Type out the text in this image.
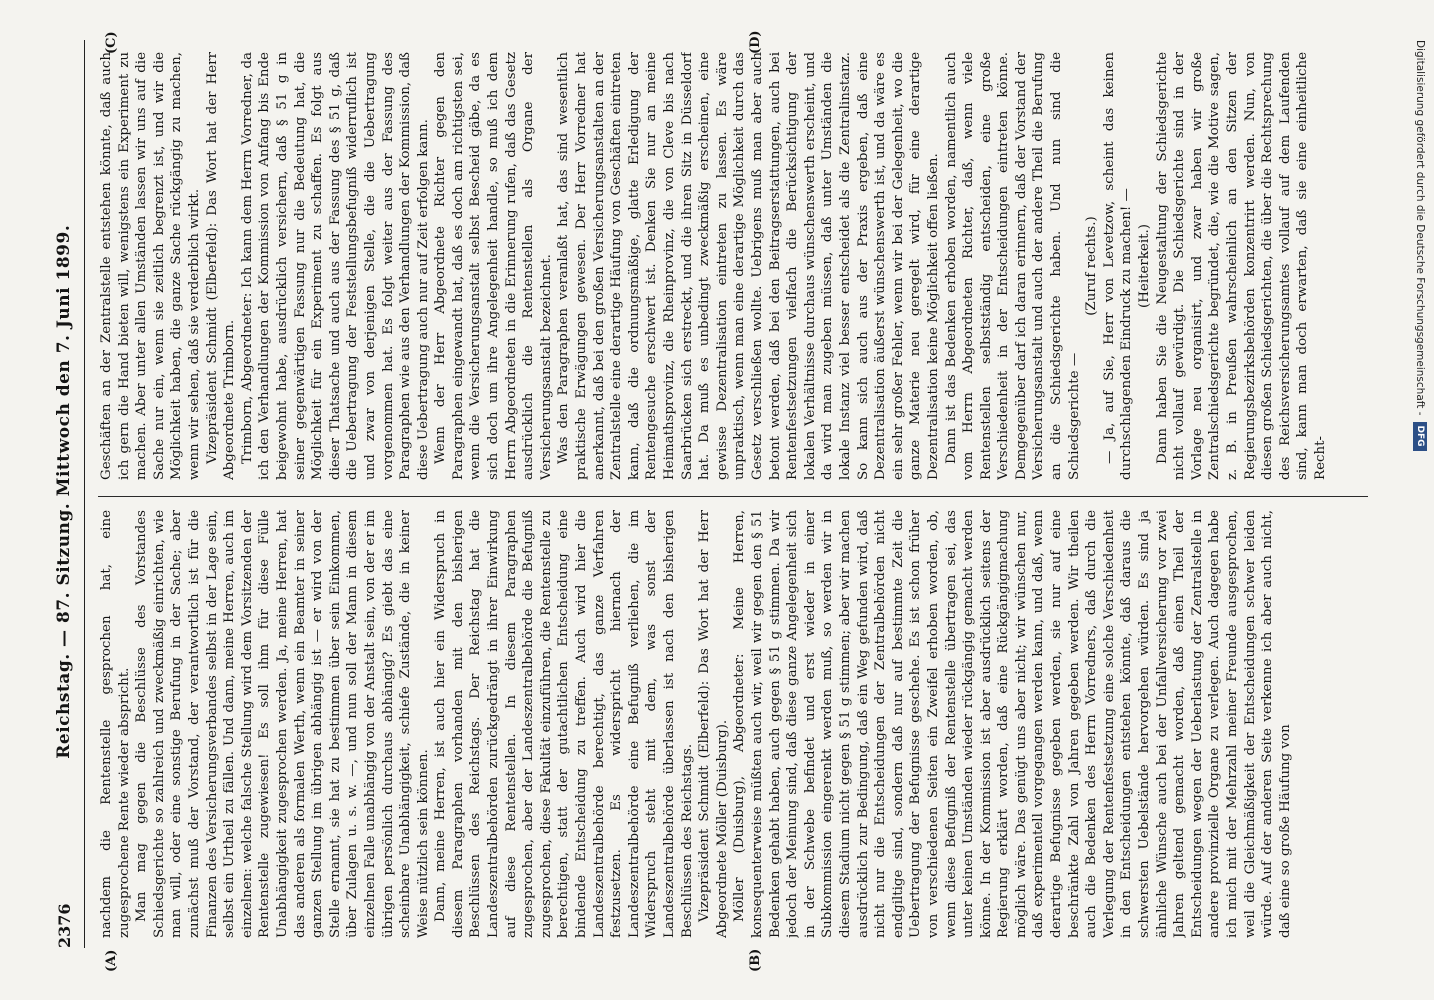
2376
Reichstag. — 87. Sitzung. Mittwoch den 7. Juni 1899.
(A)	(B)
(C)	(D)

nachdem die Rentenstelle gesprochen hat, eine zugesprochene Rente wieder abspricht. Man mag gegen die Beschlüsse des Vorstandes Schiedsgerichte so zahlreich und zweckmäßig einrichten, wie man will, oder eine sonstige Berufung in der Sache; aber zunächst muß der Vorstand, der verantwortlich ist für die Finanzen des Versicherungsverbandes selbst in der Lage sein, selbst ein Urtheil zu fällen. Und dann, meine Herren, auch im einzelnen: welche falsche Stellung wird dem Vorsitzenden der Rentenstelle zugewiesen! Es soll ihm für diese Fülle Unabhängigkeit zugesprochen werden. Ja, meine Herren, hat das anderen als formalen Werth, wenn ein Beamter in seiner ganzen Stellung im übrigen abhängig ist — er wird von der Stelle ernannt, sie hat zu bestimmen über sein Einkommen, über Zulagen u. s. w. —, und nun soll der Mann in diesem einzelnen Falle unabhängig von der Anstalt sein, von der er im übrigen persönlich durchaus abhängig? Es giebt das eine scheinbare Unabhängigkeit, schiefe Zustände, die in keiner Weise nützlich sein können. Dann, meine Herren, ist auch hier ein Widerspruch in diesem Paragraphen vorhanden mit den bisherigen Beschlüssen des Reichstags. Der Reichstag hat die Landeszentralbehörden zurückgedrängt in ihrer Einwirkung auf diese Rentenstellen. In diesem Paragraphen zugesprochen, aber der Landeszentralbehörde die Befugniß zugesprochen, diese Fakultät einzuführen, die Rentenstelle zu berechtigen, statt der gutachtlichen Entscheidung eine bindende Entscheidung zu treffen. Auch wird hier die Landeszentralbehörde berechtigt, das ganze Verfahren festzusetzen. Es widerspricht hiernach der Landeszentralbehörde eine Befugniß verliehen, die im Widerspruch steht mit dem, was sonst der Landeszentralbehörde überlassen ist nach den bisherigen Beschlüssen des Reichstags. Vizepräsident Schmidt (Elberfeld): Das Wort hat der Herr Abgeordnete Möller (Duisburg). Möller (Duisburg), Abgeordneter: Meine Herren, konsequenterweise müßten auch wir, weil wir gegen den § 51 Bedenken gehabt haben, auch gegen § 51 g stimmen. Da wir jedoch der Meinung sind, daß diese ganze Angelegenheit sich in der Schwebe befindet und erst wieder in einer Subkommission eingerenkt werden muß, so werden wir in diesem Stadium nicht gegen § 51 g stimmen; aber wir machen ausdrücklich zur Bedingung, daß ein Weg gefunden wird, daß nicht nur die Entscheidungen der Zentralbehörden nicht endgiltige sind, sondern daß nur auf bestimmte Zeit die Uebertragung der Befugnisse geschehe. Es ist schon früher von verschiedenen Seiten ein Zweifel erhoben worden, ob, wenn diese Befugniß der Rentenstelle übertragen sei, das unter keinen Umständen wieder rückgängig gemacht werden könne. In der Kommission ist aber ausdrücklich seitens der Regierung erklärt worden, daß eine Rückgängigmachung möglich wäre. Das genügt uns aber nicht; wir wünschen nur, daß experimentell vorgegangen werden kann, und daß, wenn derartige Befugnisse gegeben werden, sie nur auf eine beschränkte Zahl von Jahren gegeben werden. Wir theilen auch die Bedenken des Herrn Vorredners, daß durch die Verlegung der Rentenfestsetzung eine solche Verschiedenheit in den Entscheidungen entstehen könnte, daß daraus die schwersten Uebelstände hervorgehen würden. Es sind ja ähnliche Wünsche auch bei der Unfallversicherung vor zwei Jahren geltend gemacht worden, daß einen Theil der Entscheidungen wegen der Ueberlastung der Zentralstelle in andere provinzielle Organe zu verlegen. Auch dagegen habe ich mich mit der Mehrzahl meiner Freunde ausgesprochen, weil die Gleichmäßigkeit der Entscheidungen schwer leiden würde. Auf der anderen Seite verkenne ich aber auch nicht, daß eine so große Häufung von

Geschäften an der Zentralstelle entstehen könnte, daß auch ich gern die Hand bieten will, wenigstens ein Experiment zu machen. Aber unter allen Umständen lassen wir uns auf die Sache nur ein, wenn sie zeitlich begrenzt ist, und wir die Möglichkeit haben, die ganze Sache rückgängig zu machen, wenn wir sehen, daß sie verderblich wirkt. Vizepräsident Schmidt (Elberfeld): Das Wort hat der Herr Abgeordnete Trimborn. Trimborn, Abgeordneter: Ich kann dem Herrn Vorredner, da ich den Verhandlungen der Kommission von Anfang bis Ende beigewohnt habe, ausdrücklich versichern, daß § 51 g in seiner gegenwärtigen Fassung nur die Bedeutung hat, die Möglichkeit für ein Experiment zu schaffen. Es folgt aus dieser Thatsache und auch aus der Fassung des § 51 g, daß die Uebertragung der Feststellungsbefugniß widerruflich ist und zwar von derjenigen Stelle, die die Uebertragung vorgenommen hat. Es folgt weiter aus der Fassung des Paragraphen wie aus den Verhandlungen der Kommission, daß diese Uebertragung auch nur auf Zeit erfolgen kann. Wenn der Herr Abgeordnete Richter gegen den Paragraphen eingewandt hat, daß es doch am richtigsten sei, wenn die Versicherungsanstalt selbst Bescheid gäbe, da es sich doch um ihre Angelegenheit handle, so muß ich dem Herrn Abgeordneten in die Erinnerung rufen, daß das Gesetz ausdrücklich die Rentenstellen als Organe der Versicherungsanstalt bezeichnet. Was den Paragraphen veranlaßt hat, das sind wesentlich praktische Erwägungen gewesen. Der Herr Vorredner hat anerkannt, daß bei den großen Versicherungsanstalten an der Zentralstelle eine derartige Häufung von Geschäften eintreten kann, daß die ordnungsmäßige, glatte Erledigung der Rentengesuche erschwert ist. Denken Sie nur an meine Heimathsprovinz, die Rheinprovinz, die von Cleve bis nach Saarbrücken sich erstreckt, und die ihren Sitz in Düsseldorf hat. Da muß es unbedingt zweckmäßig erscheinen, eine gewisse Dezentralisation eintreten zu lassen. Es wäre unpraktisch, wenn man eine derartige Möglichkeit durch das Gesetz verschließen wollte. Uebrigens muß man aber auch betont werden, daß bei den Beitragserstattungen, auch bei Rentenfestsetzungen vielfach die Berücksichtigung der lokalen Verhältnisse durchaus wünschenswerth erscheint, und da wird man zugeben müssen, daß unter Umständen die lokale Instanz viel besser entscheidet als die Zentralinstanz. So kann sich auch aus der Praxis ergeben, daß eine Dezentralisation äußerst wünschenswerth ist, und da wäre es ein sehr großer Fehler, wenn wir bei der Gelegenheit, wo die ganze Materie neu geregelt wird, für eine derartige Dezentralisation keine Möglichkeit offen ließen. Dann ist das Bedenken erhoben worden, namentlich auch vom Herrn Abgeordneten Richter, daß, wenn viele Rentenstellen selbstständig entscheiden, eine große Verschiedenheit in der Entscheidungen eintreten könne. Demgegenüber darf ich daran erinnern, daß der Vorstand der Versicherungsanstalt und auch der andere Theil die Berufung an die Schiedsgerichte haben. Und nun sind die Schiedsgerichte —

(Zuruf rechts.) — Ja, auf Sie, Herr von Levetzow, scheint das keinen durchschlagenden Eindruck zu machen! — (Heiterkeit.) Dann haben Sie die Neugestaltung der Schiedsgerichte nicht vollauf gewürdigt. Die Schiedsgerichte sind in der Vorlage neu organisirt, und zwar haben wir große Zentralschiedsgerichte begründet, die, wie die Motive sagen, z. B. in Preußen wahrscheinlich an den Sitzen der Regierungsbezirksbehörden konzentrirt werden. Nun, von diesen großen Schiedsgerichten, die über die Rechtsprechung des Reichsversicherungsamtes vollauf auf dem Laufenden sind, kann man doch erwarten, daß sie eine einheitliche Recht-

Digitalisierung gefördert durch die Deutsche Forschungsgemeinschaft -
DFG
